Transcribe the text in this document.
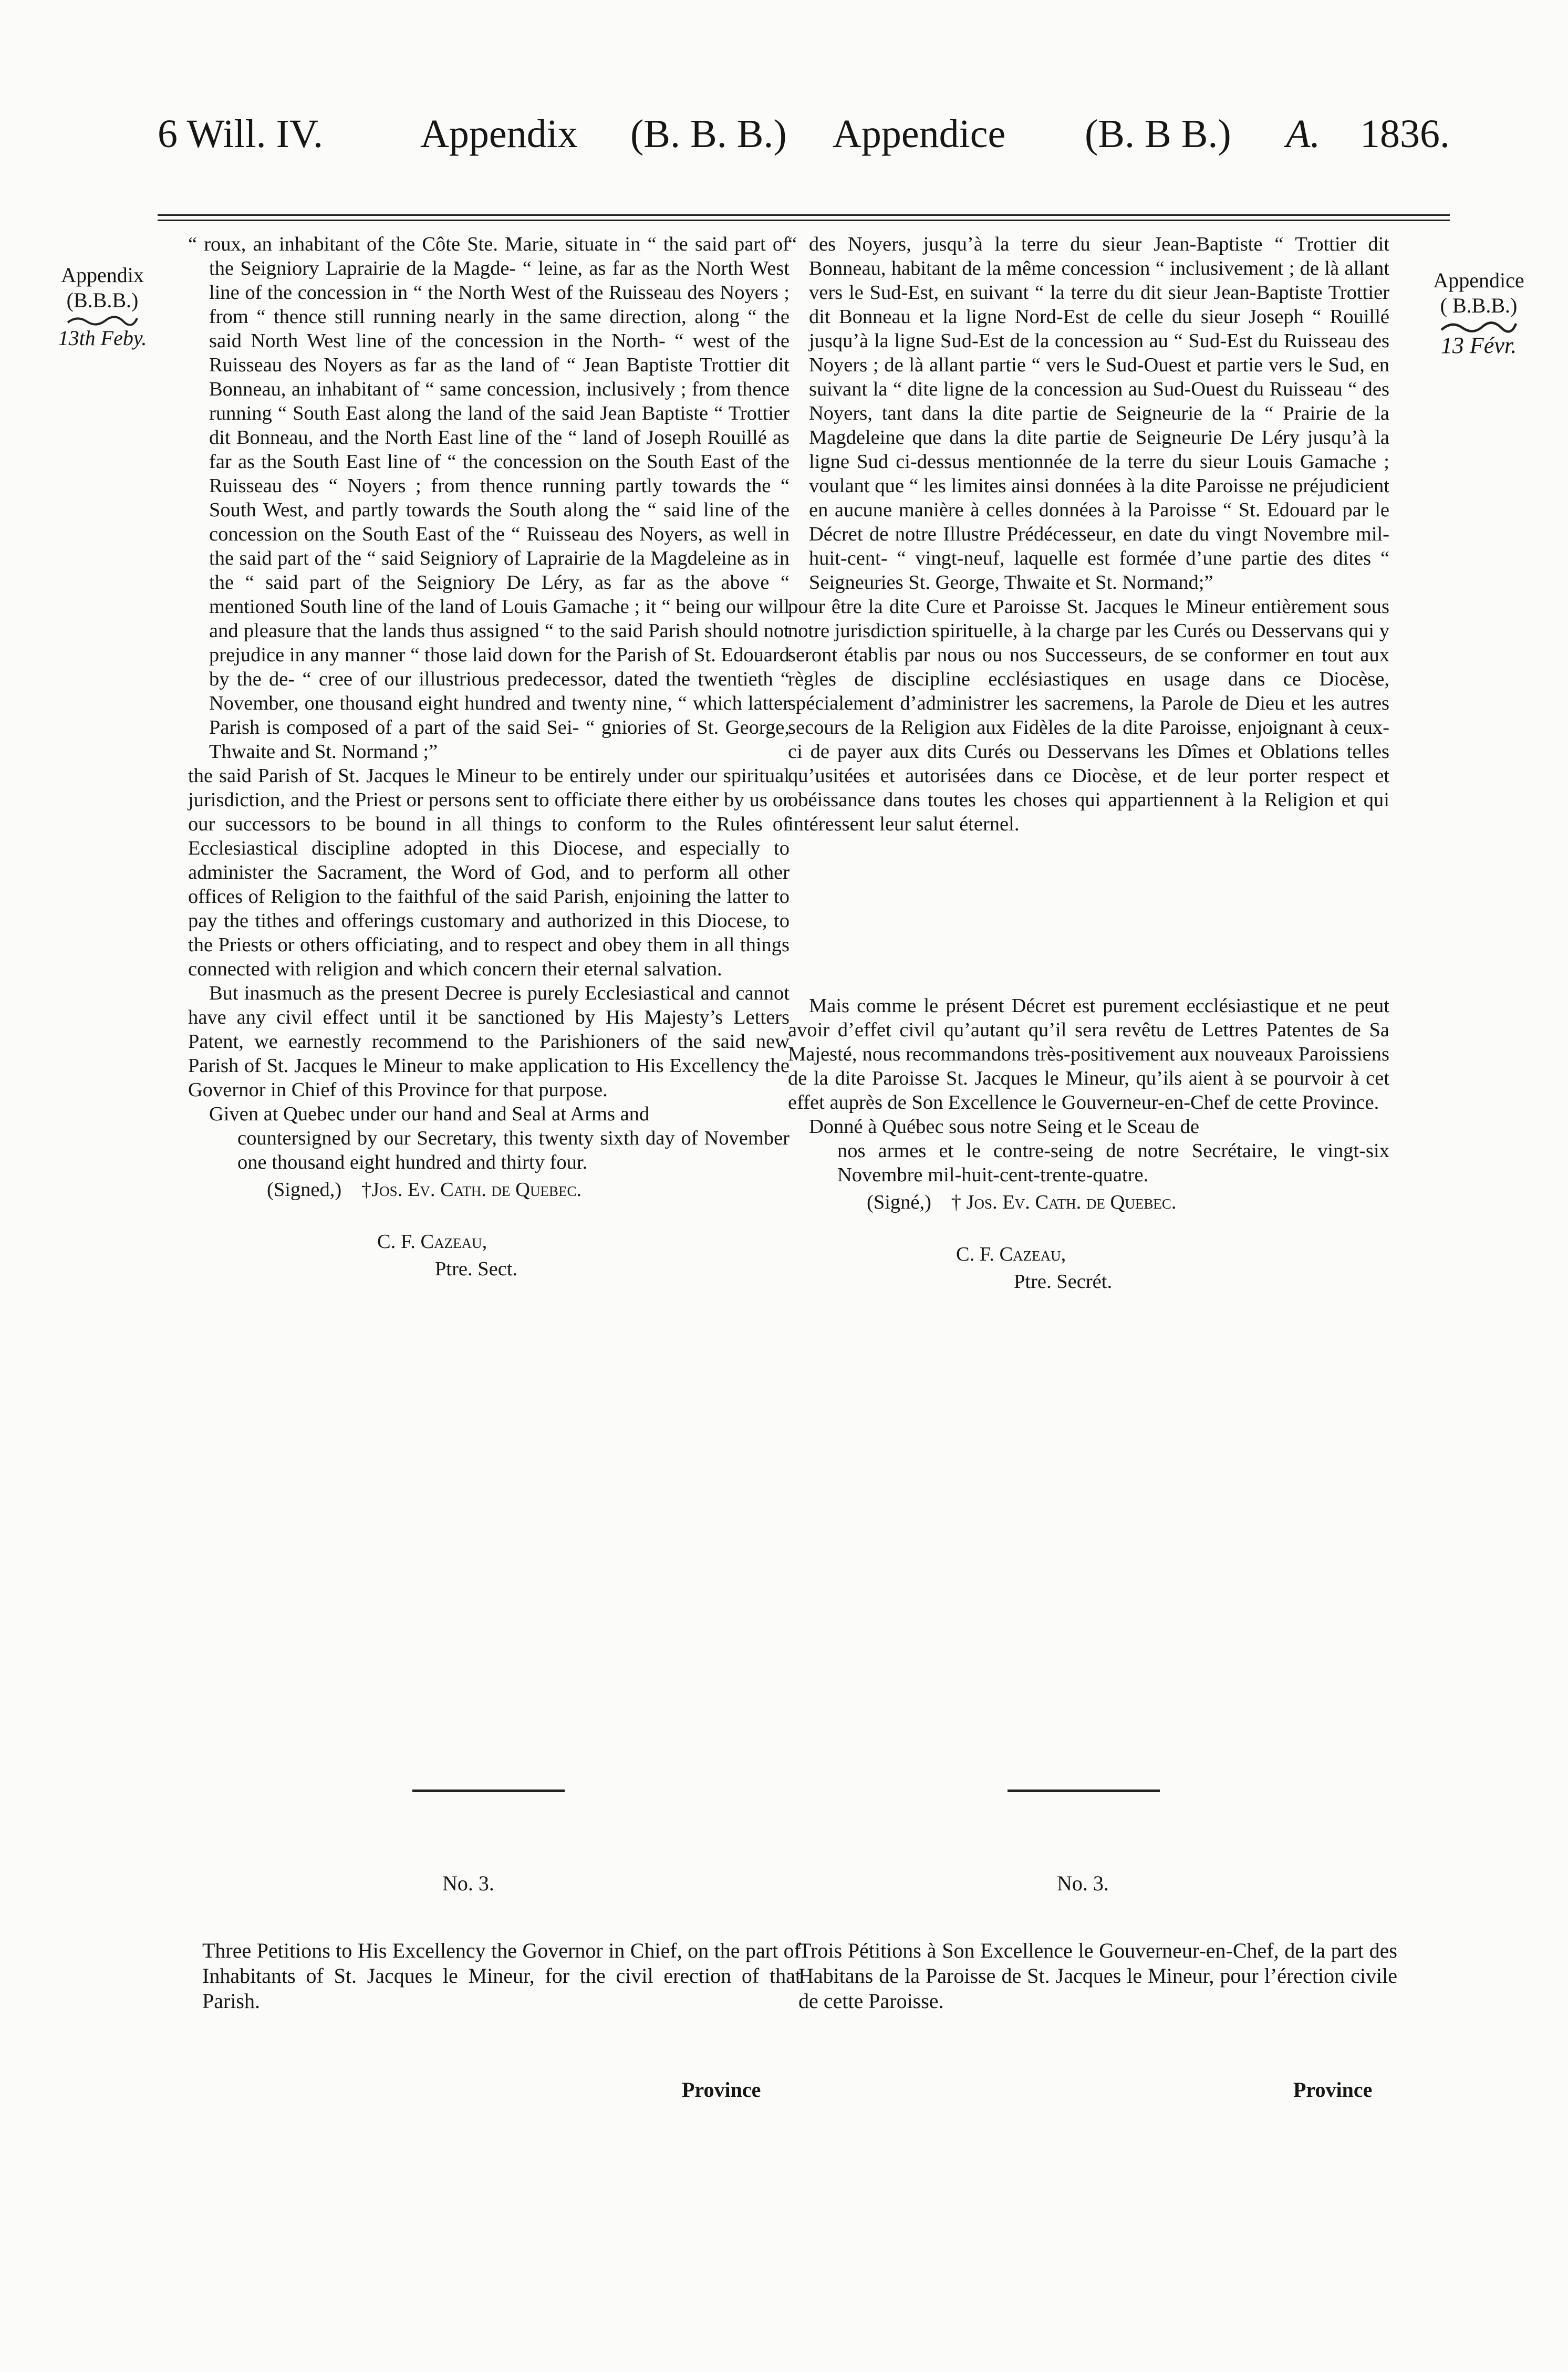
6 Will. IV. Appendix (B. B. B.) Appendice (B. B B.) A. 1836.
Appendix
(B.B.B.)
13th Feby.
Appendice
( B.B.B.)
13 Févr.

“ roux, an inhabitant of the Côte Ste. Marie, situate in “ the said part of the Seigniory Laprairie de la Magde- “ leine, as far as the North West line of the concession in “ the North West of the Ruisseau des Noyers ; from “ thence still running nearly in the same direction, along “ the said North West line of the concession in the North- “ west of the Ruisseau des Noyers as far as the land of “ Jean Baptiste Trottier dit Bonneau, an inhabitant of “ same concession, inclusively ; from thence running “ South East along the land of the said Jean Baptiste “ Trottier dit Bonneau, and the North East line of the “ land of Joseph Rouillé as far as the South East line of “ the concession on the South East of the Ruisseau des “ Noyers ; from thence running partly towards the “ South West, and partly towards the South along the “ said line of the concession on the South East of the “ Ruisseau des Noyers, as well in the said part of the “ said Seigniory of Laprairie de la Magdeleine as in the “ said part of the Seigniory De Léry, as far as the above “ mentioned South line of the land of Louis Gamache ; it “ being our will and pleasure that the lands thus assigned “ to the said Parish should not prejudice in any manner “ those laid down for the Parish of St. Edouard by the de- “ cree of our illustrious predecessor, dated the twentieth “ November, one thousand eight hundred and twenty nine, “ which latter Parish is composed of a part of the said Sei- “ gniories of St. George, Thwaite and St. Normand ;”

the said Parish of St. Jacques le Mineur to be entirely under our spiritual jurisdiction, and the Priest or persons sent to officiate there either by us or our successors to be bound in all things to conform to the Rules of Ecclesiastical discipline adopted in this Diocese, and especially to administer the Sacrament, the Word of God, and to perform all other offices of Religion to the faithful of the said Parish, enjoining the latter to pay the tithes and offerings customary and authorized in this Diocese, to the Priests or others officiating, and to respect and obey them in all things connected with religion and which concern their eternal salvation.

But inasmuch as the present Decree is purely Ecclesiastical and cannot have any civil effect until it be sanctioned by His Majesty’s Letters Patent, we earnestly recommend to the Parishioners of the said new Parish of St. Jacques le Mineur to make application to His Excellency the Governor in Chief of this Province for that purpose.

Given at Quebec under our hand and Seal at Arms and

countersigned by our Secretary, this twenty sixth day of November one thousand eight hundred and thirty four.

(Signed,) †Jos. Ev. Cath. de Quebec.
C. F. Cazeau,
Ptre. Sect.

“ des Noyers, jusqu’à la terre du sieur Jean-Baptiste “ Trottier dit Bonneau, habitant de la même concession “ inclusivement ; de là allant vers le Sud-Est, en suivant “ la terre du dit sieur Jean-Baptiste Trottier dit Bonneau et la ligne Nord-Est de celle du sieur Joseph “ Rouillé jusqu’à la ligne Sud-Est de la concession au “ Sud-Est du Ruisseau des Noyers ; de là allant partie “ vers le Sud-Ouest et partie vers le Sud, en suivant la “ dite ligne de la concession au Sud-Ouest du Ruisseau “ des Noyers, tant dans la dite partie de Seigneurie de la “ Prairie de la Magdeleine que dans la dite partie de Seigneurie De Léry jusqu’à la ligne Sud ci-dessus mentionnée de la terre du sieur Louis Gamache ; voulant que “ les limites ainsi données à la dite Paroisse ne préjudicient en aucune manière à celles données à la Paroisse “ St. Edouard par le Décret de notre Illustre Prédécesseur, en date du vingt Novembre mil-huit-cent- “ vingt-neuf, laquelle est formée d’une partie des dites “ Seigneuries St. George, Thwaite et St. Normand;”

pour être la dite Cure et Paroisse St. Jacques le Mineur entièrement sous notre jurisdiction spirituelle, à la charge par les Curés ou Desservans qui y seront établis par nous ou nos Successeurs, de se conformer en tout aux règles de discipline ecclésiastiques en usage dans ce Diocèse, spécialement d’administrer les sacremens, la Parole de Dieu et les autres secours de la Religion aux Fidèles de la dite Paroisse, enjoignant à ceux-ci de payer aux dits Curés ou Desservans les Dîmes et Oblations telles qu’usitées et autorisées dans ce Diocèse, et de leur porter respect et obéissance dans toutes les choses qui appartiennent à la Religion et qui intéressent leur salut éternel.

Mais comme le présent Décret est purement ecclésiastique et ne peut avoir d’effet civil qu’autant qu’il sera revêtu de Lettres Patentes de Sa Majesté, nous recommandons très-positivement aux nouveaux Paroissiens de la dite Paroisse St. Jacques le Mineur, qu’ils aient à se pourvoir à cet effet auprès de Son Excellence le Gouverneur-en-Chef de cette Province.

Donné à Québec sous notre Seing et le Sceau de

nos armes et le contre-seing de notre Secrétaire, le vingt-six Novembre mil-huit-cent-trente-quatre.

(Signé,) † Jos. Ev. Cath. de Quebec.
C. F. Cazeau,
Ptre. Secrét.
No. 3.	No. 3.
Three Petitions to His Excellency the Governor in Chief, on the part of Inhabitants of St. Jacques le Mineur, for the civil erection of that Parish.
Trois Pétitions à Son Excellence le Gouverneur-en-Chef, de la part des Habitans de la Paroisse de St. Jacques le Mineur, pour l’érection civile de cette Paroisse.
Province	Province
